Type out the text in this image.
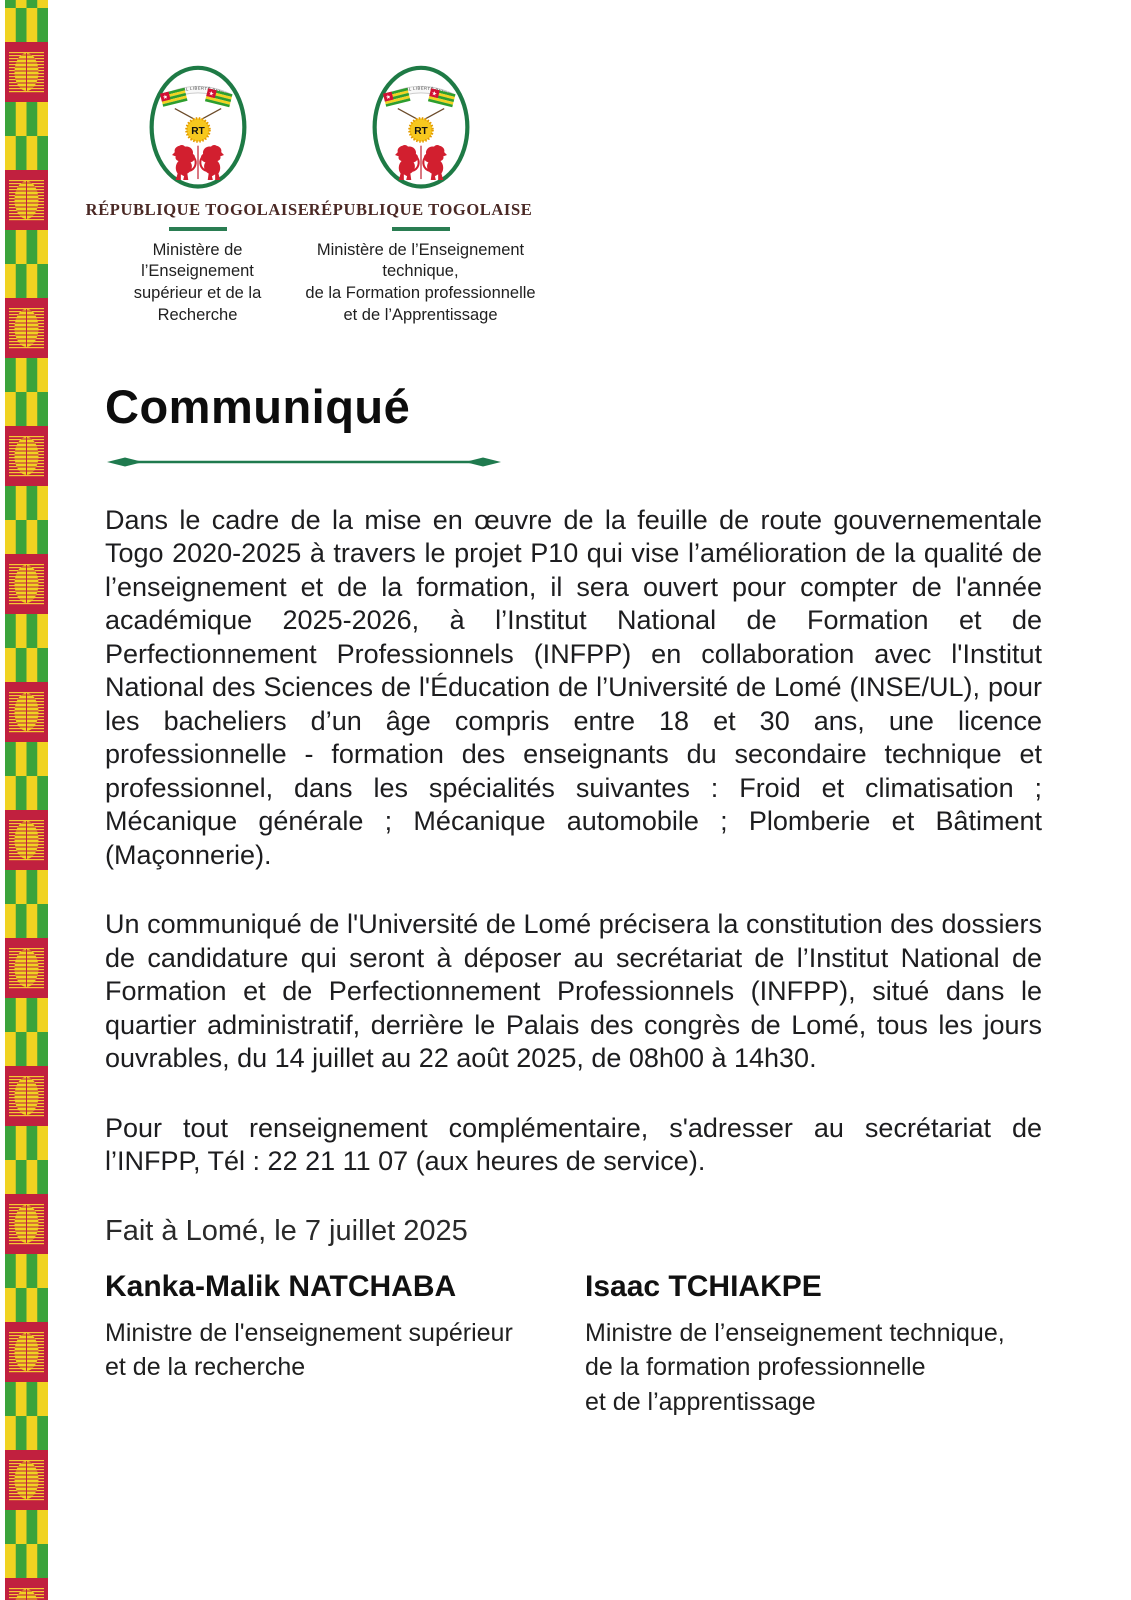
RÉPUBLIQUE TOGOLAISE
Ministère de l’Enseignement
supérieur et de la Recherche
RÉPUBLIQUE TOGOLAISE
Ministère de l’Enseignement technique,
de la Formation professionnelle
et de l’Apprentissage
Communiqué

Dans le cadre de la mise en œuvre de la feuille de route gouvernementale Togo 2020-2025 à travers le projet P10 qui vise l’amélioration de la qualité de l’enseignement et de la formation, il sera ouvert pour compter de l'année académique 2025-2026, à l’Institut National de Formation et de Perfectionnement Professionnels (INFPP) en collaboration avec l'Institut National des Sciences de l'Éducation de l’Université de Lomé (INSE/UL), pour les bacheliers d’un âge compris entre 18 et 30 ans, une licence professionnelle - formation des enseignants du secondaire technique et professionnel, dans les spécialités suivantes : Froid et climatisation ; Mécanique générale ; Mécanique automobile ; Plomberie et Bâtiment (Maçonnerie).

Un communiqué de l'Université de Lomé précisera la constitution des dossiers de candidature qui seront à déposer au secrétariat de l’Institut National de Formation et de Perfectionnement Professionnels (INFPP), situé dans le quartier administratif, derrière le Palais des congrès de Lomé, tous les jours ouvrables, du 14 juillet au 22 août 2025, de 08h00 à 14h30.

Pour tout renseignement complémentaire, s'adresser au secrétariat de l’INFPP, Tél : 22 21 11 07 (aux heures de service).

Fait à Lomé, le 7 juillet 2025
Kanka-Malik NATCHABA
Ministre de l'enseignement supérieur
et de la recherche
Isaac TCHIAKPE
Ministre de l’enseignement technique,
de la formation professionnelle
et de l’apprentissage
